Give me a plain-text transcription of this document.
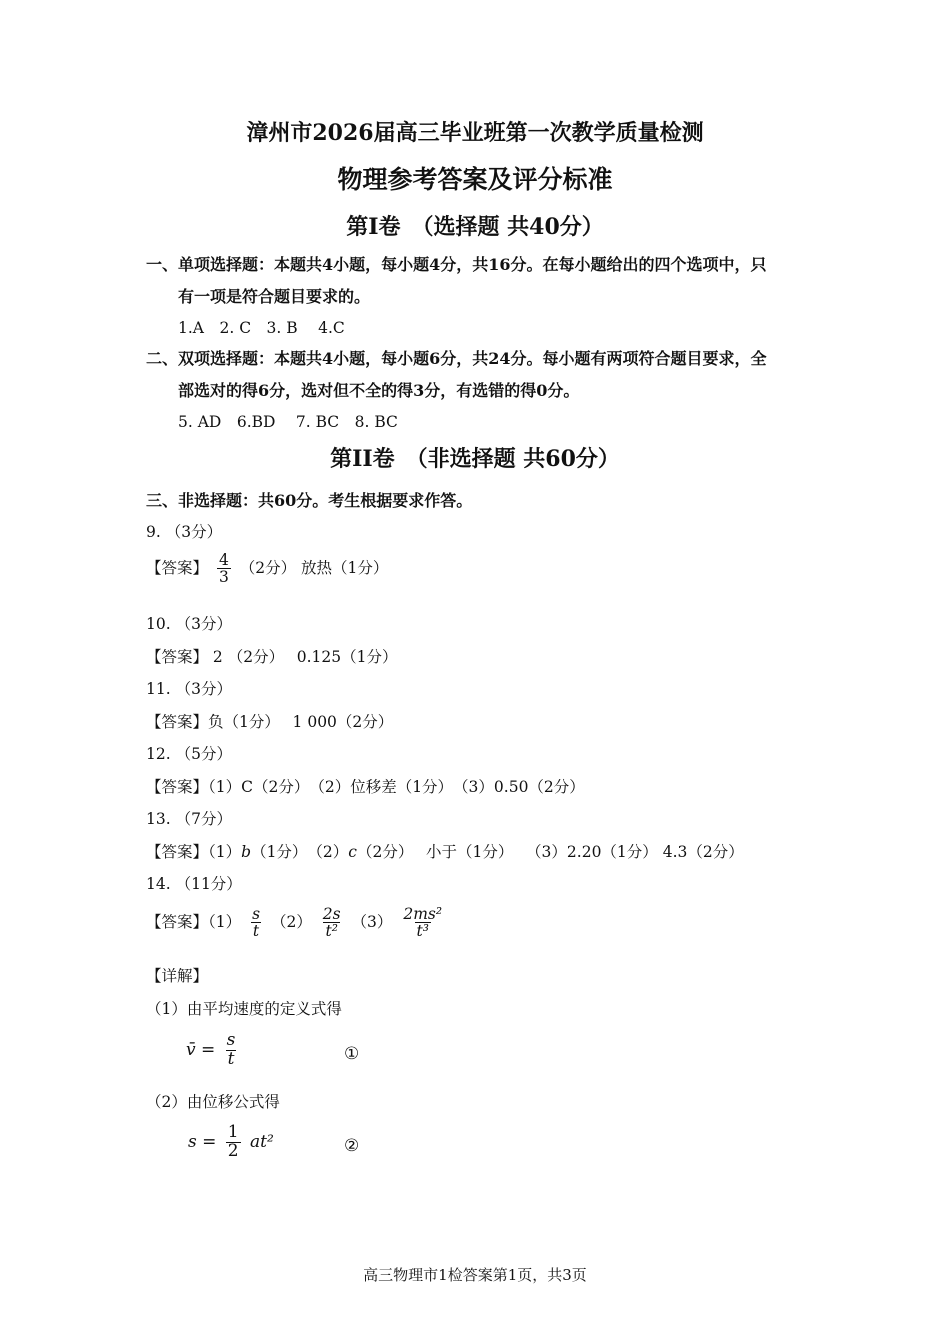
漳州市2026届高三毕业班第一次教学质量检测
物理参考答案及评分标准
第I卷　（选择题 共40分）
一、单项选择题：本题共4小题，每小题4分，共16分。在每小题给出的四个选项中，只
有一项是符合题目要求的。
1.A　2. C　3. B　 4.C
二、双项选择题：本题共4小题，每小题6分，共24分。每小题有两项符合题目要求，全
部选对的得6分，选对但不全的得3分，有选错的得0分。
5. AD　6.BD　 7. BC　8. BC
第II卷　（非选择题 共60分）
三、非选择题：共60分。考生根据要求作答。
9. （3分）
【答案】 $\frac{4}{3} (2$分） 放热（1分）
10. （3分）
【答案】 2 （2分）　 0.125（1分）
11. （3分）
【答案】负（1分）　 1 000（2分）
12. （5分）
【答案】（1）C（2分）　（2）位移差（1分）　（3）0.50（2分）
13. （7分）
【答案】（1）b（1分）　（2）c（2分）　 小于（1分）　 （3）2.20（1分） 4.3（2分）
14. （11分）
【答案】$(1) \frac{s}{t} (2) \frac{2s}{\text{t²}} (3) \frac{\text{2ms²}}{\text{t³}}$
【详解】
（1）由平均速度的定义式得
v̄ = $\frac{s}{t}$	①
（2）由位移公式得
$s = \frac{1}{2} at^2$	②
高三物理市1检答案第1页，共3页
